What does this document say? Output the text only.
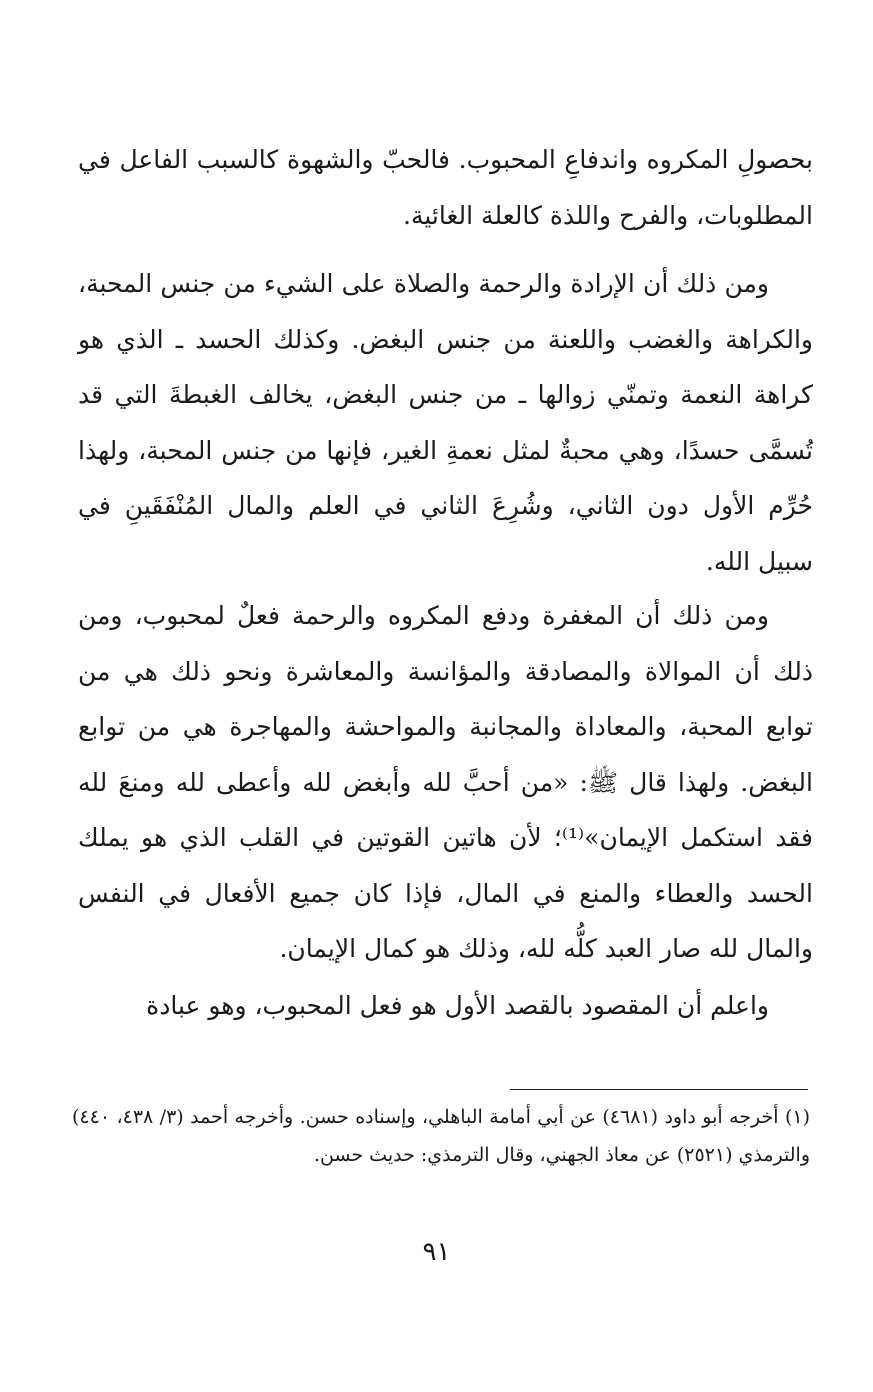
بحصولِ المكروه واندفاعِ المحبوب. فالحبّ والشهوة كالسبب الفاعل في المطلوبات، والفرح واللذة كالعلة الغائية.

ومن ذلك أن الإرادة والرحمة والصلاة على الشيء من جنس المحبة، والكراهة والغضب واللعنة من جنس البغض. وكذلك الحسد ـ الذي هو كراهة النعمة وتمنّي زوالها ـ من جنس البغض، يخالف الغبطةَ التي قد تُسمَّى حسدًا، وهي محبةٌ لمثل نعمةِ الغير، فإنها من جنس المحبة، ولهذا حُرِّم الأول دون الثاني، وشُرِعَ الثاني في العلم والمال المُنْفَقَينِ في سبيل الله.

ومن ذلك أن المغفرة ودفع المكروه والرحمة فعلٌ لمحبوب، ومن ذلك أن الموالاة والمصادقة والمؤانسة والمعاشرة ونحو ذلك هي من توابع المحبة، والمعاداة والمجانبة والمواحشة والمهاجرة هي من توابع البغض. ولهذا قال ﷺ: «من أحبَّ لله وأبغض لله وأعطى لله ومنعَ لله فقد استكمل الإيمان»⁽¹⁾؛ لأن هاتين القوتين في القلب الذي هو يملك الحسد والعطاء والمنع في المال، فإذا كان جميع الأفعال في النفس والمال لله صار العبد كلُّه لله، وذلك هو كمال الإيمان.

واعلم أن المقصود بالقصد الأول هو فعل المحبوب، وهو عبادة

(١) أخرجه أبو داود (٤٦٨١) عن أبي أمامة الباهلي، وإسناده حسن. وأخرجه أحمد (٣/ ٤٣٨، ٤٤٠) والترمذي (٢٥٢١) عن معاذ الجهني، وقال الترمذي: حديث حسن.

٩١
